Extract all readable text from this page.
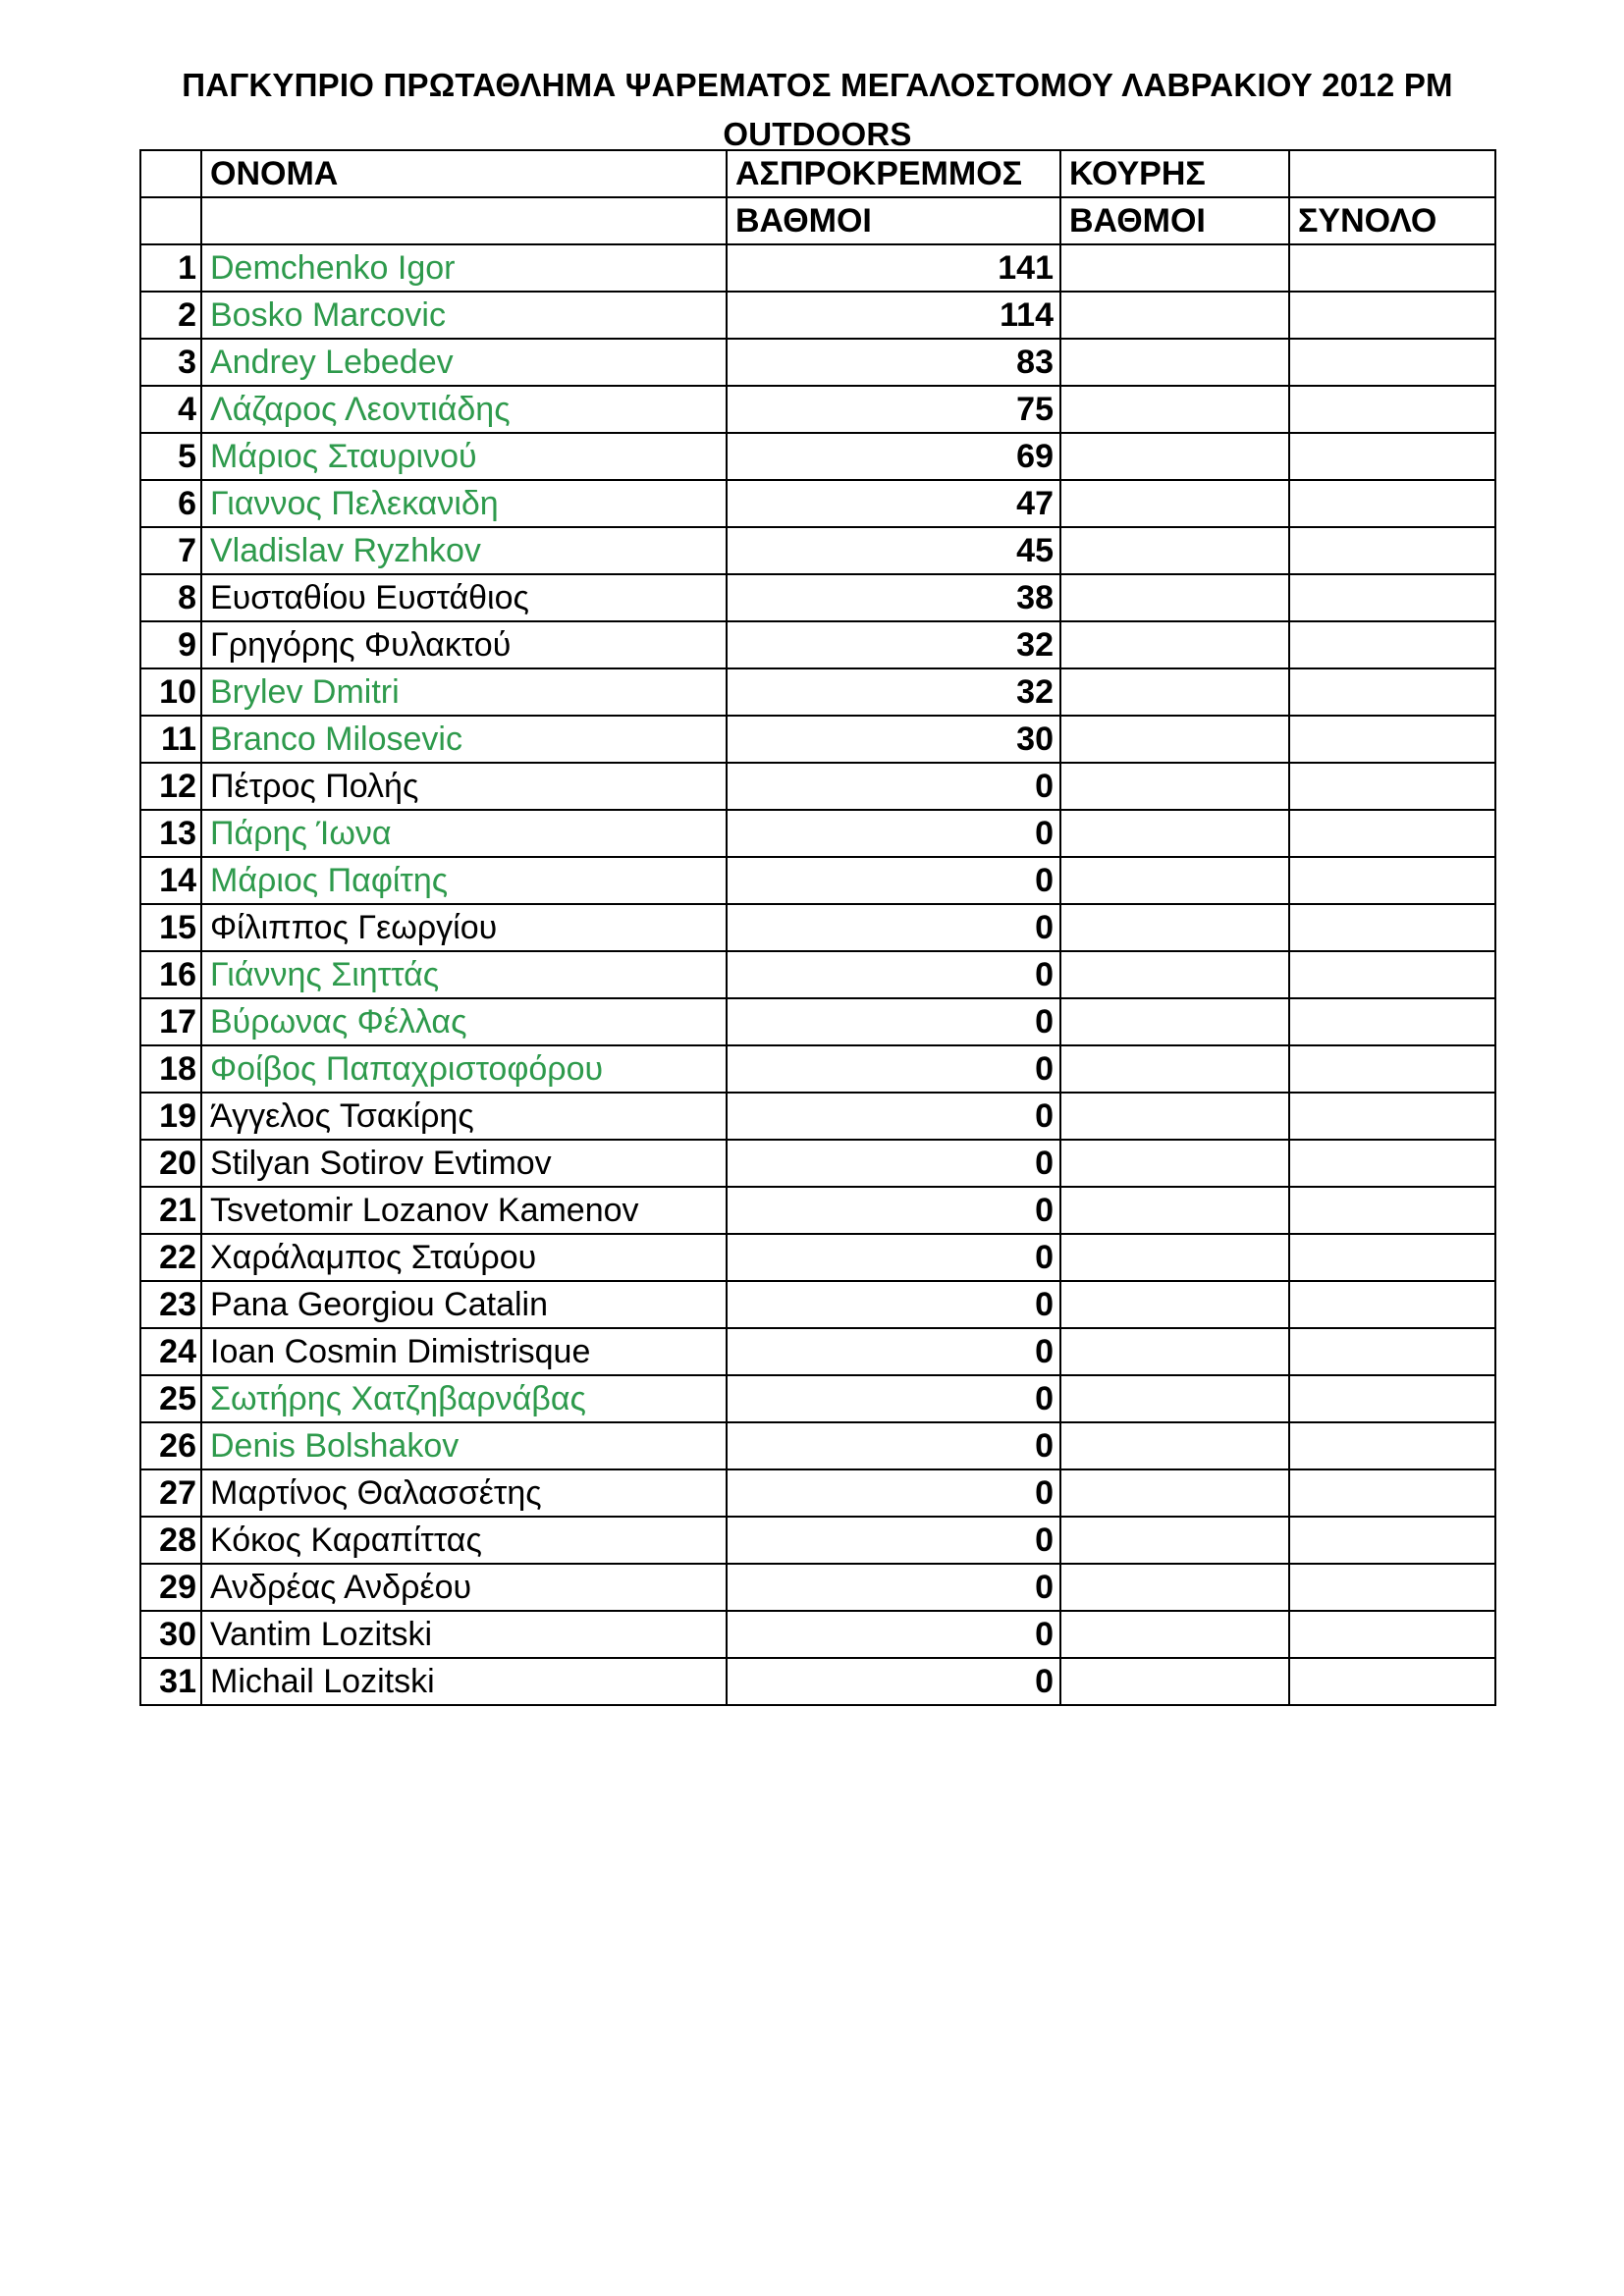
ΠΑΓΚΥΠΡΙΟ ΠΡΩΤΑΘΛΗΜΑ ΨΑΡΕΜΑΤΟΣ ΜΕΓΑΛΟΣΤΟΜΟΥ ΛΑΒΡΑΚΙΟΥ 2012 PM
OUTDOORS
	ΟΝΟΜΑ	ΑΣΠΡΟΚΡΕΜΜΟΣ	ΚΟΥΡΗΣ	
		ΒΑΘΜΟΙ	ΒΑΘΜΟΙ	ΣΥΝΟΛΟ
1	Demchenko Igor	141		
2	Bosko Marcovic	114		
3	Andrey Lebedev	83		
4	Λάζαρος Λεοντιάδης	75		
5	Μάριος Σταυρινού	69		
6	Γιαννος Πελεκανιδη	47		
7	Vladislav Ryzhkov	45		
8	Ευσταθίου Ευστάθιος	38		
9	Γρηγόρης Φυλακτού	32		
10	Brylev Dmitri	32		
11	Branco Milosevic	30		
12	Πέτρος Πολής	0		
13	Πάρης Ίωνα	0		
14	Μάριος Παφίτης	0		
15	Φίλιππος Γεωργίου	0		
16	Γιάννης Σιηττάς	0		
17	Βύρωνας Φέλλας	0		
18	Φοίβος Παπαχριστοφόρου	0		
19	Άγγελος Τσακίρης	0		
20	Stilyan Sotirov Evtimov	0		
21	Tsvetomir Lozanov Kamenov	0		
22	Χαράλαμπος Σταύρου	0		
23	Pana Georgiou Catalin	0		
24	Ioan Cosmin Dimistrisque	0		
25	Σωτήρης Χατζηβαρνάβας	0		
26	Denis Bolshakov	0		
27	Μαρτίνος Θαλασσέτης	0		
28	Κόκος Καραπίττας	0		
29	Ανδρέας Ανδρέου	0		
30	Vantim Lozitski	0		
31	Michail Lozitski	0		
